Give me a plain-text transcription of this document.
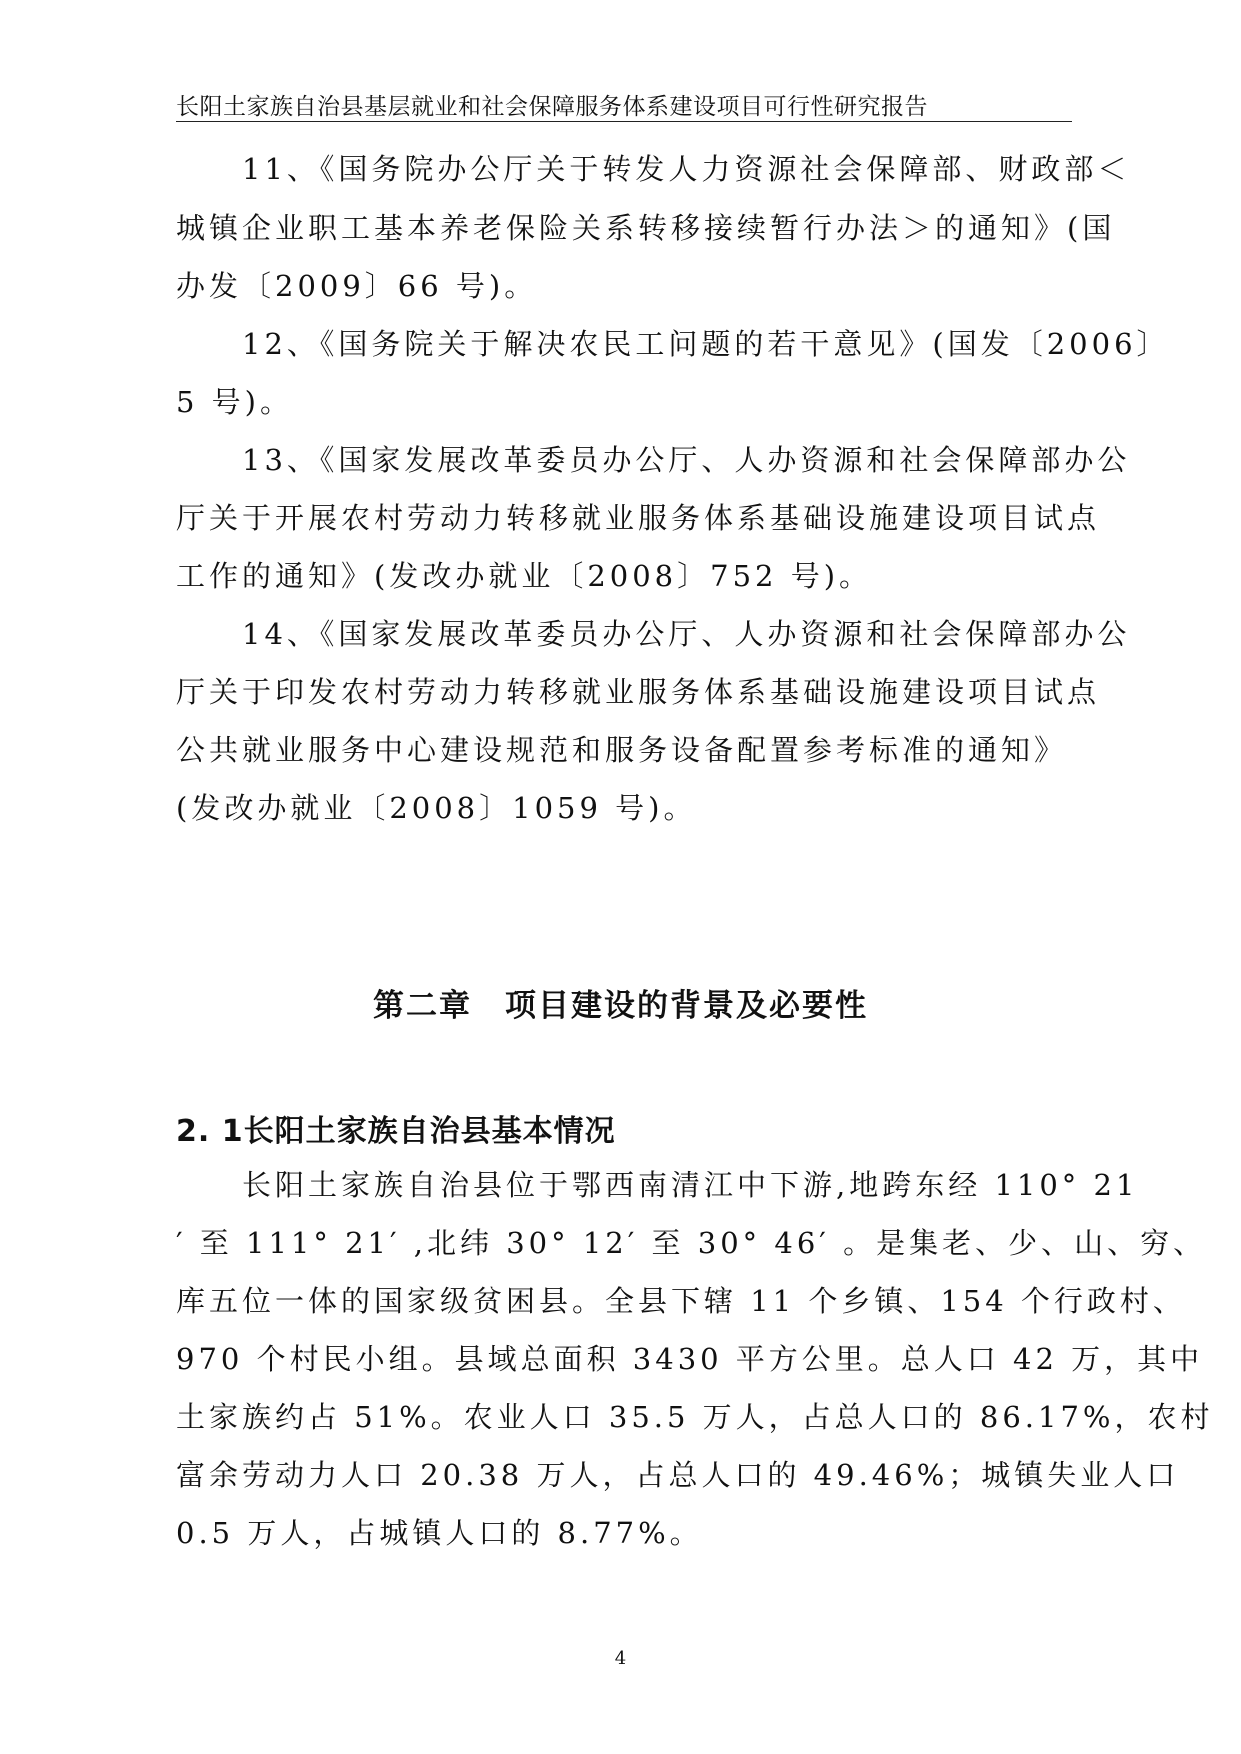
长阳土家族自治县基层就业和社会保障服务体系建设项目可行性研究报告
　　11、《国务院办公厅关于转发人力资源社会保障部、财政部＜
城镇企业职工基本养老保险关系转移接续暂行办法＞的通知》(国
办发〔2009〕66 号)。
　　12、《国务院关于解决农民工问题的若干意见》(国发〔2006〕
5 号)。
　　13、《国家发展改革委员办公厅、人办资源和社会保障部办公
厅关于开展农村劳动力转移就业服务体系基础设施建设项目试点
工作的通知》(发改办就业〔2008〕752 号)。
　　14、《国家发展改革委员办公厅、人办资源和社会保障部办公
厅关于印发农村劳动力转移就业服务体系基础设施建设项目试点
公共就业服务中心建设规范和服务设备配置参考标准的通知》
(发改办就业〔2008〕1059 号)。
第二章　项目建设的背景及必要性
2. 1长阳土家族自治县基本情况
　　长阳土家族自治县位于鄂西南清江中下游,地跨东经 110° 21
′ 至 111° 21′ ,北纬 30° 12′ 至 30° 46′ 。是集老、少、山、穷、
库五位一体的国家级贫困县。全县下辖 11 个乡镇、154 个行政村、
970 个村民小组。县域总面积 3430 平方公里。总人口 42 万，其中
土家族约占 51%。农业人口 35.5 万人，占总人口的 86.17%，农村
富余劳动力人口 20.38 万人，占总人口的 49.46%；城镇失业人口
0.5 万人，占城镇人口的 8.77%。
4
